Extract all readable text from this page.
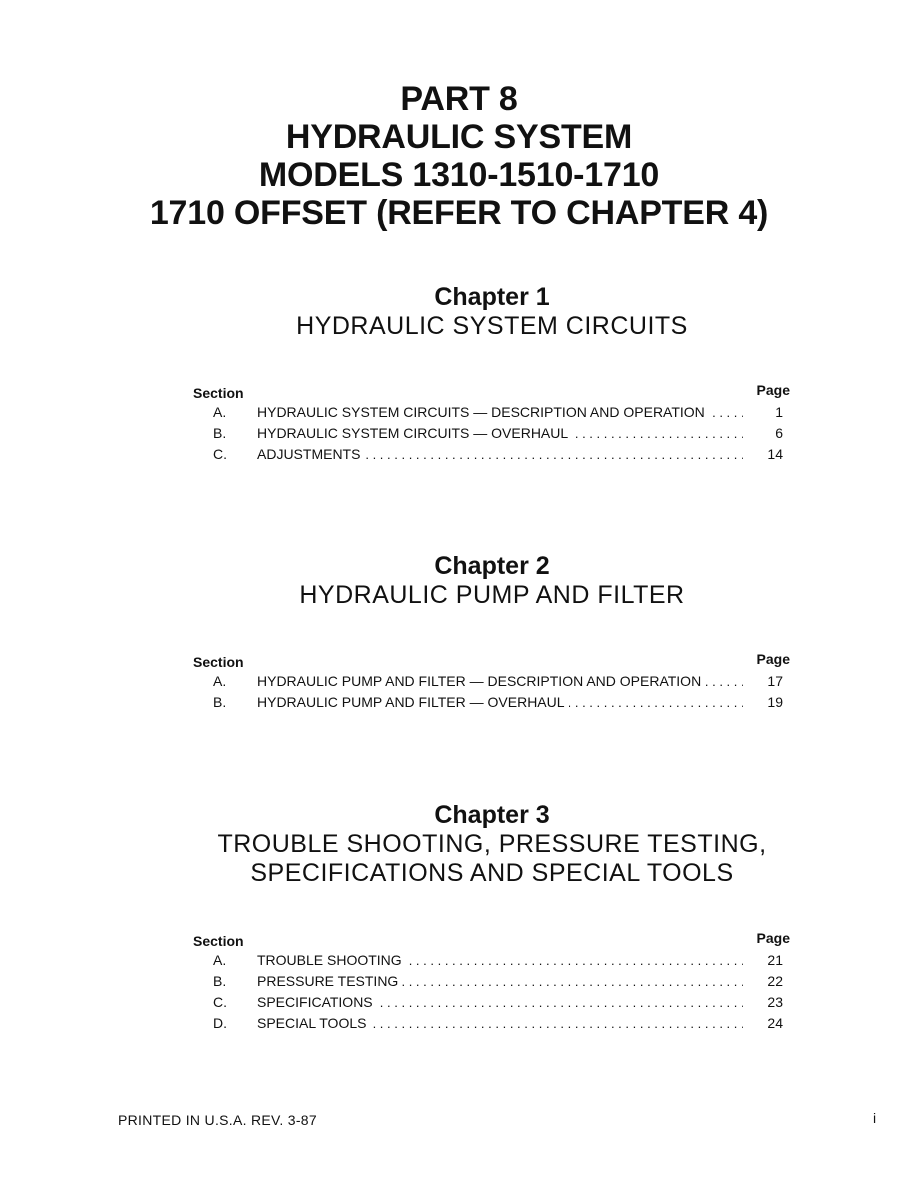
PART 8

HYDRAULIC SYSTEM

MODELS 1310-1510-1710

1710 OFFSET (REFER TO CHAPTER 4)

Chapter 1
HYDRAULIC SYSTEM CIRCUITS
Section	Page
A.	HYDRAULIC SYSTEM CIRCUITS — DESCRIPTION AND OPERATION . . .	1
B.	HYDRAULIC SYSTEM CIRCUITS — OVERHAUL . . .	6
C.	ADJUSTMENTS . . .	14
Chapter 2
HYDRAULIC PUMP AND FILTER
Section	Page
A.	HYDRAULIC PUMP AND FILTER — DESCRIPTION AND OPERATION . . .	17
B.	HYDRAULIC PUMP AND FILTER — OVERHAUL . . .	19
Chapter 3
TROUBLE SHOOTING, PRESSURE TESTING,
SPECIFICATIONS AND SPECIAL TOOLS
Section	Page
A.	TROUBLE SHOOTING . . .	21
B.	PRESSURE TESTING . . .	22
C.	SPECIFICATIONS . . .	23
D.	SPECIAL TOOLS . . .	24
PRINTED IN U.S.A. REV. 3-87	i
